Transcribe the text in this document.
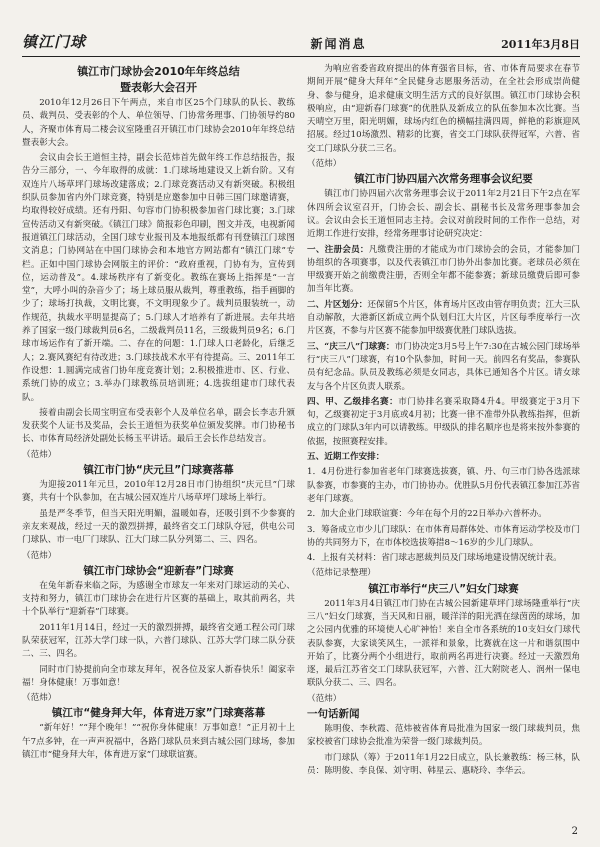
镇江门球	新闻消息	2011年3月8日
镇江市门球协会2010年年终总结
暨表彰大会召开

2010年12月26日下午两点，来自市区25个门球队的队长、教练员、裁判员、受表彰的个人、单位领导、门协常务理事、门协领导约80人，齐聚市体育局二楼会议室隆重召开镇江市门球协会2010年年终总结暨表彰大会。

会议由会长王道恒主持，副会长范炜首先做年终工作总结报告，报告分三部分，一、今年取得的成就：1.门球场地建设又上新台阶。又有双连片八场草坪门球场改建落成；2.门球竞赛活动又有新突破。积极组织队员参加省内外门球竞赛，特别是应邀参加中日韩三国门球邀请赛，均取得较好成绩。还有丹阳、句容市门协积极参加省门球比赛；3.门球宣传活动又有新突破。《镇江门球》简报彩色印刷，图文并茂，电视新闻报道镇江门球活动，全国门球专业报刊及本地报纸都有刊登镇江门球图文消息；门协网站在中国门球协会和本地官方网站都有“镇江门球”专栏。正如中国门球协会网版主的评价：“政府重视，门协有为，宣传到位，运动普及”。4.球场秩序有了新变化。教练在赛场上指挥是“一言堂”，大呼小叫的杂音少了；场上球员服从裁判，尊重教练，指手画脚的少了；球场打执裁，文明比赛，不文明现象少了。裁判员服装统一，动作规范，执裁水平明显提高了；5.门球人才培养有了新进展。去年共培养了国家一级门球裁判员6名，二级裁判员11名，三级裁判员9名；6.门球市场运作有了新开端。二、存在的问题：1.门球人口老龄化，后继乏人；2.赛风赛纪有待改进；3.门球技战术水平有待提高。三、2011年工作设想：1.圆满完成省门协年度竞赛计划；2.积极推进市、区、行业、系统门协的成立；3.举办门球教练员培训班；4.选拔组建市门球代表队。

接着由副会长周宝明宣布受表彰个人及单位名单，副会长李志升颁发获奖个人证书及奖品，会长王道恒为获奖单位颁发奖牌。市门协秘书长、市体育局经济处副处长杨玉平讲话。最后王会长作总结发言。

（范炜）

镇江市门协“庆元旦”门球赛落幕

为迎接2011年元旦，2010年12月28日市门协组织“庆元旦”门球赛，共有十个队参加，在古城公园双连片八场草坪门球场上举行。

虽是严冬季节，但当天阳光明媚，温暖如春，还吸引到不少参赛的亲友来观战，经过一天的激烈拼搏，最终省交工门球队夺冠，供电公司门球队、市一电厂门球队、江大门球二队分列第二、三、四名。

（范炜）

镇江市门球协会“迎新春”门球赛

在兔年新春来临之际，为感谢全市球友一年来对门球运动的关心、支持和努力，镇江市门球协会在进行片区赛的基础上，取其前两名，共十个队举行“迎新春”门球赛。

2011年1月14日，经过一天的激烈拼搏，最终省交通工程公司门球队荣获冠军，江苏大学门球一队，六普门球队、江苏大学门球二队分获二、三、四名。

同时市门协提前向全市球友拜年，祝各位及家人新春快乐！阖家幸福！身体健康！万事如意！

（范炜）

镇江市“健身拜大年，体育进万家”门球赛落幕

“新年好！”“拜个晚年！”“祝你身体健康！万事如意！”正月初十上午7点多钟，在一声声祝福中，各路门球队员来到古城公园门球场，参加镇江市“健身拜大年，体育进万家”门球联谊赛。

为响应省委省政府提出的体育强省目标，省、市体育局要求在春节期间开展“健身大拜年”全民健身志愿服务活动，在全社会形成崇尚健身、参与健身，追求健康文明生活方式的良好氛围。镇江市门球协会积极响应，由“迎新春门球赛”的优胜队及新成立的队伍参加本次比赛。当天晴空万里，阳光明媚，球场内红色的横幅挂满四周，鲜艳的彩旗迎风招展。经过10场激烈、精彩的比赛，省交工门球队获得冠军，六普、省交工门球队分获二三名。

（范炜）

镇江市门协四届六次常务理事会议纪要

镇江市门协四届六次常务理事会议于2011年2月21日下午2点在军休四所会议室召开，门协会长、副会长、副秘书长及常务理事参加会议。会议由会长王道恒同志主持。会议对前段时间的工作作一总结，对近期工作进行安排，经常务理事讨论研究决定：

一、注册会员：凡缴费注册的才能成为市门球协会的会员，才能参加门协组织的各项赛事，以及代表镇江市门协外出参加比赛。老球员必须在甲级赛开始之前缴费注册，否则全年都不能参赛；新球员缴费后即可参加当年比赛。

二、片区划分：还保留5个片区，体育场片区改由管存明负责；江大三队自动解散，大港新区新成立两个队划归江大片区，片区每季度举行一次片区赛，不参与片区赛不能参加甲级赛优胜门球队选拔。

三、“庆三八”门球赛：市门协决定3月5号上午7:30在古城公园门球场举行“庆三八”门球赛，有10个队参加，时间一天。前四名有奖品，参赛队员有纪念品。队员及教练必须是女同志，具体已通知各个片区。请女球友与各个片区负责人联系。

四、甲、乙级排名赛：市门协排名赛采取降4升4。甲级赛定于3月下旬，乙级赛初定于3月底或4月初；比赛一律不准带外队教练指挥，但新成立的门球队3年内可以请教练。甲级队的排名顺序也是将来按外参赛的依据，按照赛程安排。

五、近期工作安排：

1．4月份进行参加省老年门球赛选拔赛，镇、丹、句三市门协各选派球队参赛，市参赛的主办，市门协协办。优胜队5月份代表镇江参加江苏省老年门球赛。

2．加大企业门球联谊赛：今年在每个月的22日举办六普杯办。

3．筹备成立市少儿门球队：在市体育局群体处、市体育运动学校及市门协的共同努力下，在市体校选拔筹措8～16岁的少儿门球队。

4．上报有关材料：省门球志愿裁判员及门球场地建设情况统计表。

（范炜记录整理）

镇江市举行“庆三八”妇女门球赛

2011年3月4日镇江市门协在古城公园新建草坪门球场隆重举行“庆三八”妇女门球赛，当天风和日丽，暖洋洋的阳光洒在绿茵茵的球场，加之公园内优雅的环境使人心旷神怡！来自全市各系统的10支妇女门球代表队参赛，大家谈笑风生，一派祥和景象，比赛就在这一片和谐氛围中开始了，比赛分两个小组进行，取前两名再进行决赛。经过一天激烈角逐，最后江苏省交工门球队获冠军，六普、江大附院老人、润州一保电联队分获二、三、四名。

（范炜）

一句话新闻

陈明俊、李秋霞、范炜被省体育局批准为国家一级门球裁判员，焦家校被省门球协会批准为荣誉一级门球裁判员。

市门球队（筹）于2011年1月22日成立，队长兼教练：杨三林，队员：陈明俊、李良保、刘守明、韩星云、惠晓玲、李华云。

2
